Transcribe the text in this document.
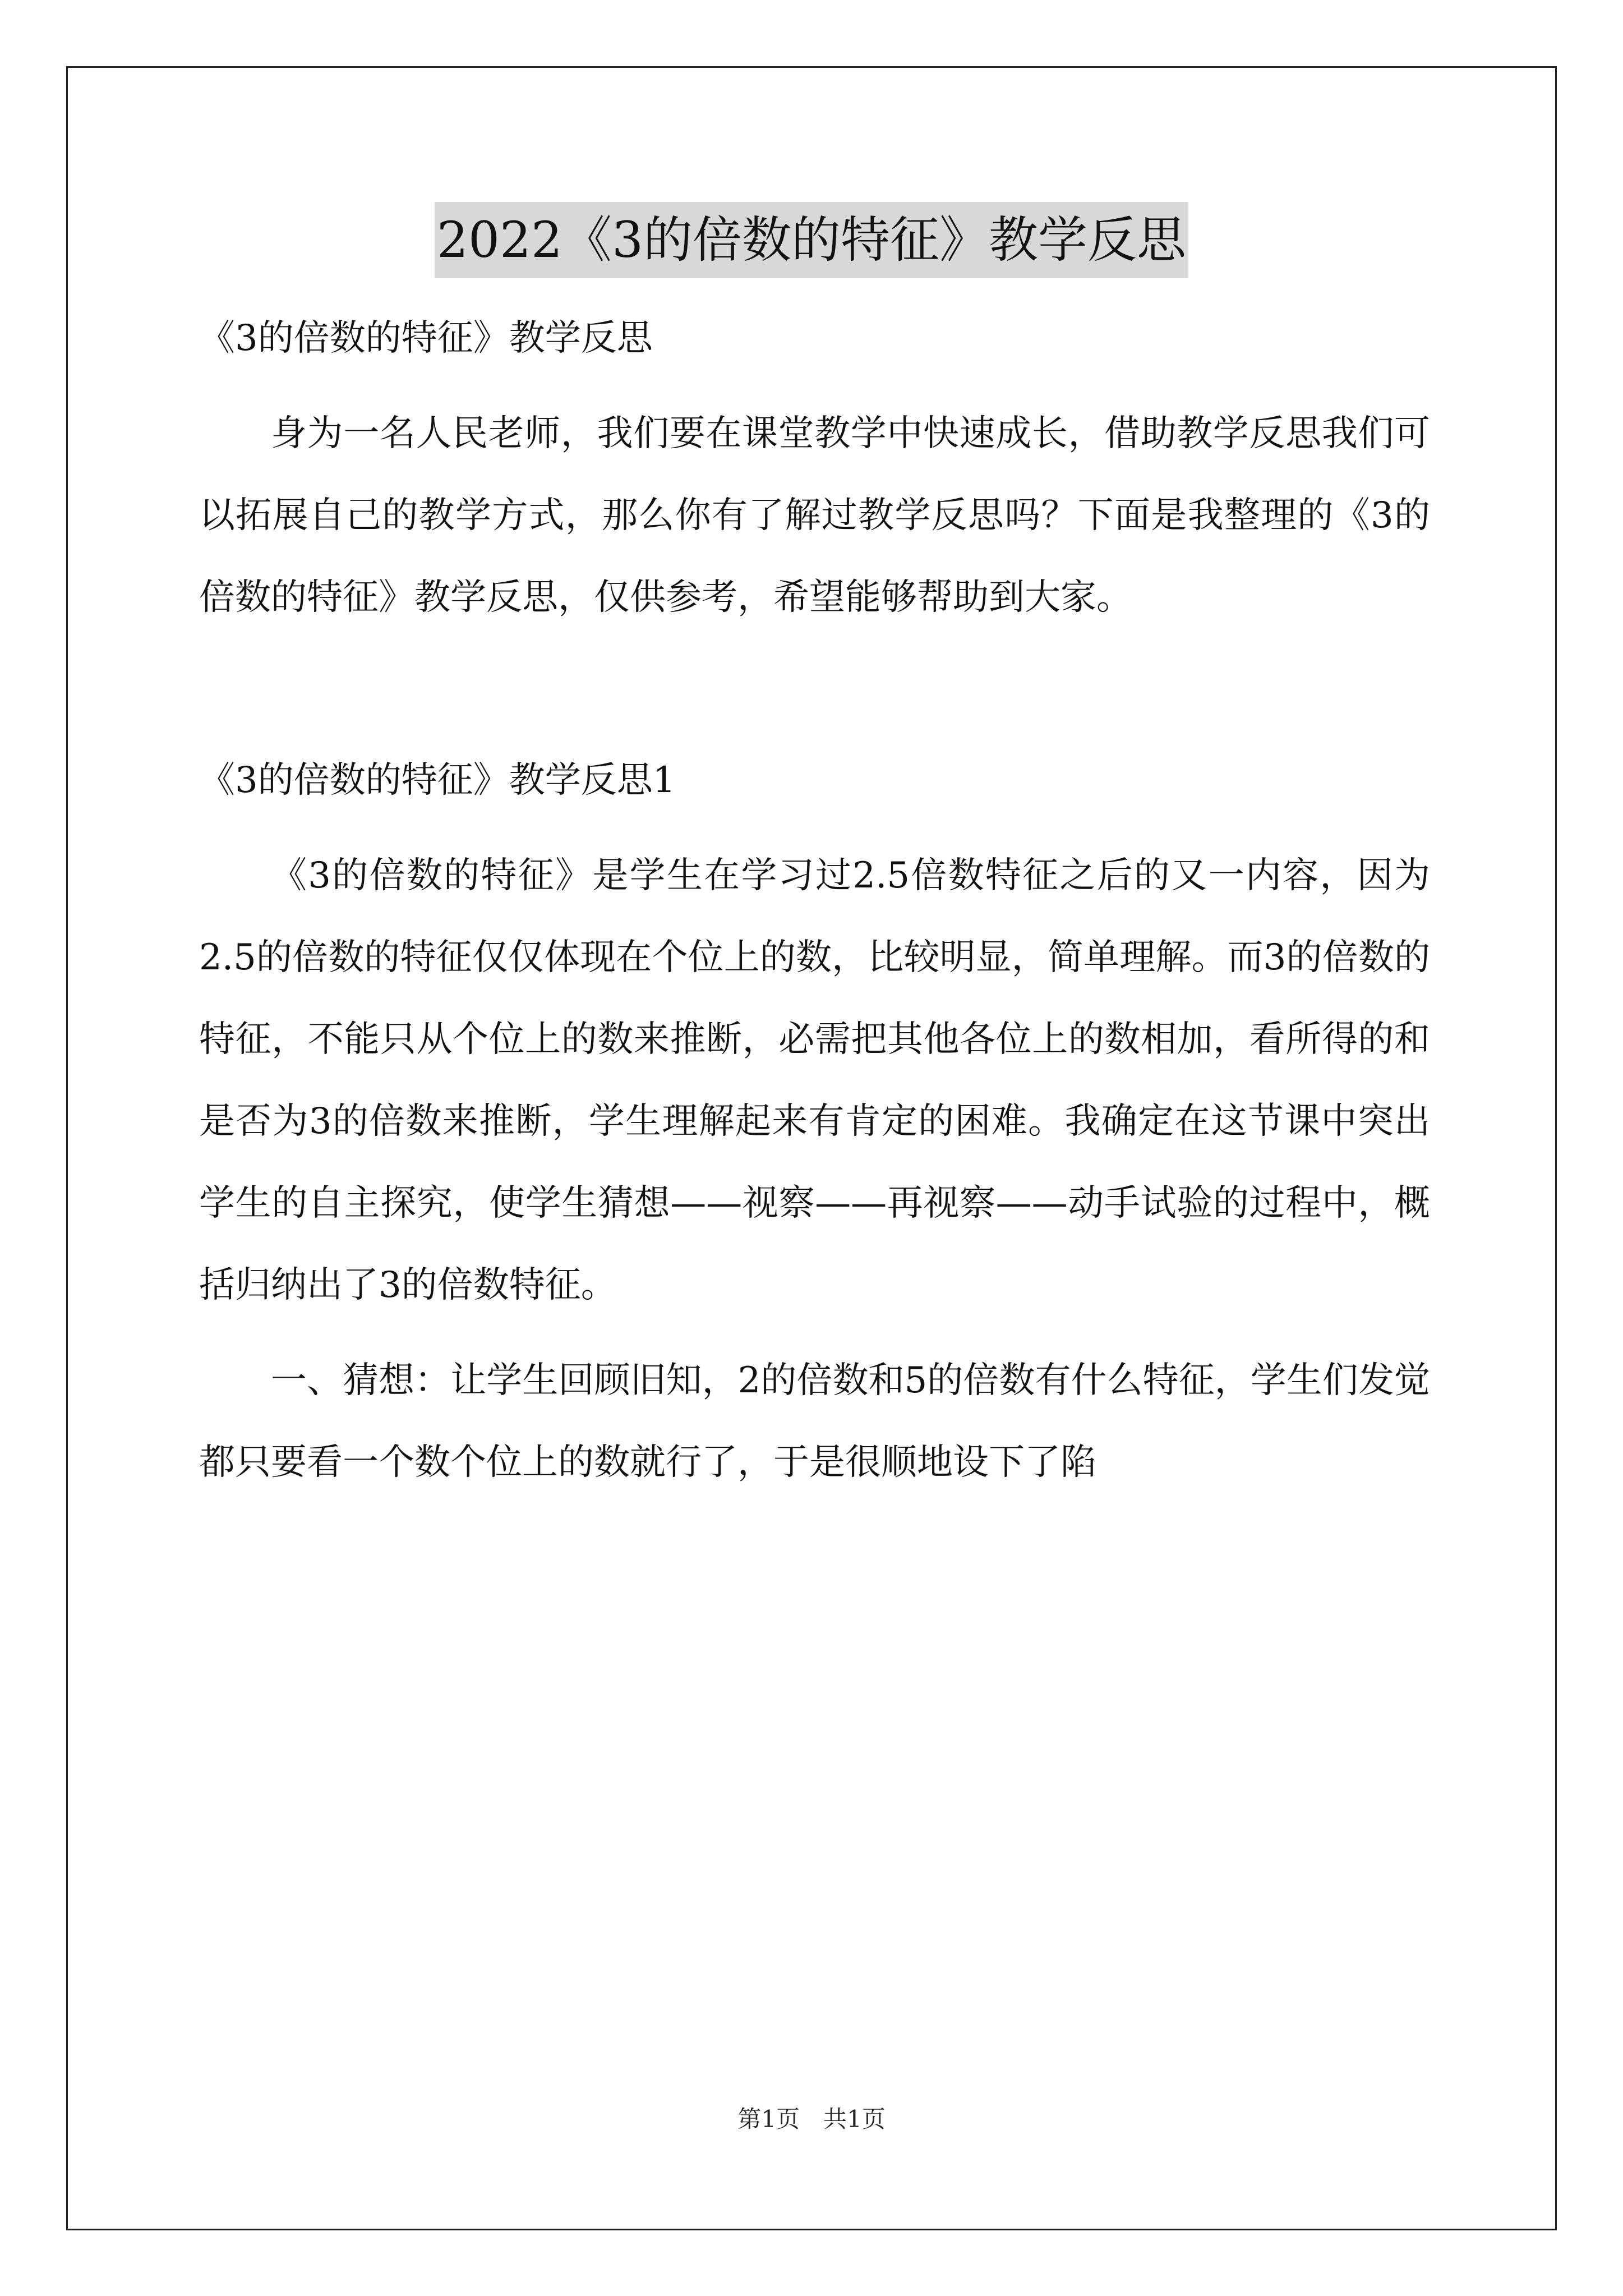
2022《3的倍数的特征》教学反思

《3的倍数的特征》教学反思

身为一名人民老师，我们要在课堂教学中快速成长，借助教学反思我们可以拓展自己的教学方式，那么你有了解过教学反思吗？下面是我整理的《3的倍数的特征》教学反思，仅供参考，希望能够帮助到大家。

《3的倍数的特征》教学反思1

《3的倍数的特征》是学生在学习过2.5倍数特征之后的又一内容，因为2.5的倍数的特征仅仅体现在个位上的数，比较明显，简单理解。而3的倍数的特征，不能只从个位上的数来推断，必需把其他各位上的数相加，看所得的和是否为3的倍数来推断，学生理解起来有肯定的困难。我确定在这节课中突出学生的自主探究，使学生猜想——视察——再视察——动手试验的过程中，概括归纳出了3的倍数特征。

一、猜想：让学生回顾旧知，2的倍数和5的倍数有什么特征，学生们发觉都只要看一个数个位上的数就行了，于是很顺地设下了陷

第1页　共1页
